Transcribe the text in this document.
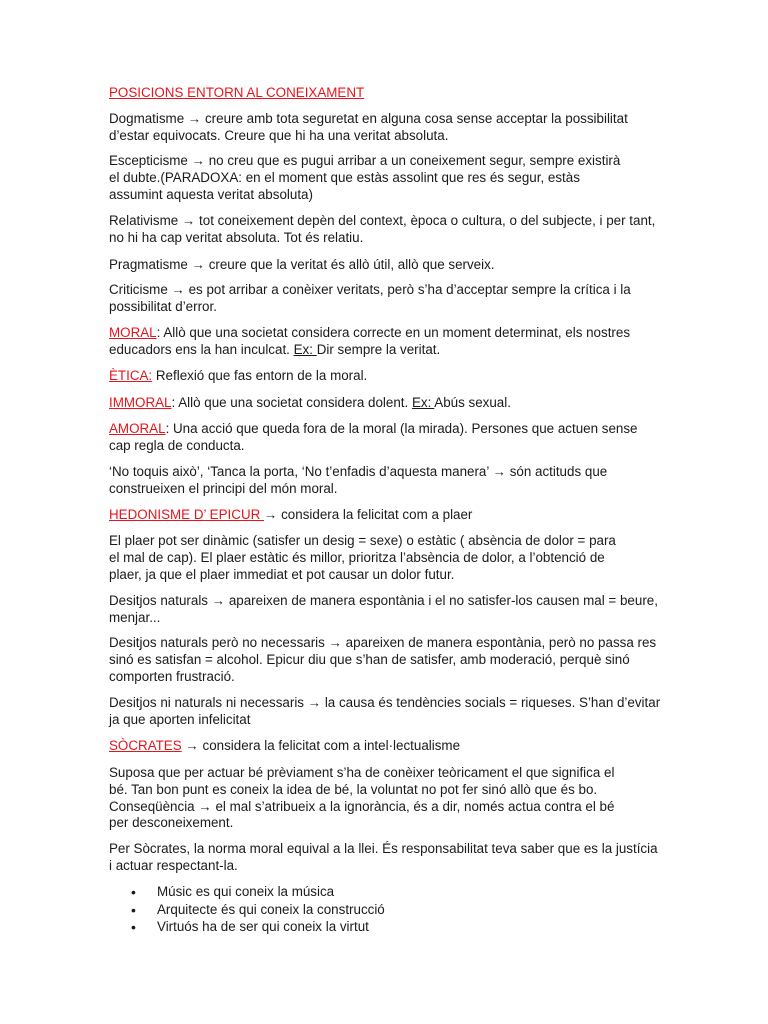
POSICIONS ENTORN AL CONEIXAMENT

Dogmatisme → creure amb tota seguretat en alguna cosa sense acceptar la possibilitat d’estar equivocats. Creure que hi ha una veritat absoluta.

Escepticisme → no creu que es pugui arribar a un coneixement segur, sempre existirà
el dubte.(PARADOXA: en el moment que estàs assolint que res és segur, estàs
assumint aquesta veritat absoluta)

Relativisme → tot coneixement depèn del context, època o cultura, o del subjecte, i per tant, no hi ha cap veritat absoluta. Tot és relatiu.

Pragmatisme → creure que la veritat és allò útil, allò que serveix.

Criticisme → es pot arribar a conèixer veritats, però s’ha d’acceptar sempre la crítica i la possibilitat d’error.

MORAL: Allò que una societat considera correcte en un moment determinat, els nostres educadors ens la han inculcat. Ex: Dir sempre la veritat.

ÈTICA: Reflexió que fas entorn de la moral.

IMMORAL: Allò que una societat considera dolent. Ex: Abús sexual.

AMORAL: Una acció que queda fora de la moral (la mirada). Persones que actuen sense cap regla de conducta.

‘No toquis això’, ‘Tanca la porta, ‘No t’enfadis d’aquesta manera’ → són actituds que construeixen el principi del món moral.

HEDONISME D’ EPICUR → considera la felicitat com a plaer

El plaer pot ser dinàmic (satisfer un desig = sexe) o estàtic ( absència de dolor = para
el mal de cap). El plaer estàtic és millor, prioritza l’absència de dolor, a l’obtenció de
plaer, ja que el plaer immediat et pot causar un dolor futur.

Desitjos naturals → apareixen de manera espontània i el no satisfer-los causen mal = beure, menjar...

Desitjos naturals però no necessaris → apareixen de manera espontània, però no passa res sinó es satisfan = alcohol. Epicur diu que s’han de satisfer, amb moderació, perquè sinó comporten frustració.

Desitjos ni naturals ni necessaris → la causa és tendències socials = riqueses. S’han d’evitar ja que aporten infelicitat

SÒCRATES → considera la felicitat com a intel·lectualisme

Suposa que per actuar bé prèviament s’ha de conèixer teòricament el que significa el
bé. Tan bon punt es coneix la idea de bé, la voluntat no pot fer sinó allò que és bo.
Conseqüència → el mal s’atribueix a la ignorància, és a dir, només actua contra el bé
per desconeixement.

Per Sòcrates, la norma moral equival a la llei. És responsabilitat teva saber que es la justícia i actuar respectant-la.

• Músic es qui coneix la música
• Arquitecte és qui coneix la construcció
• Virtuós ha de ser qui coneix la virtut
